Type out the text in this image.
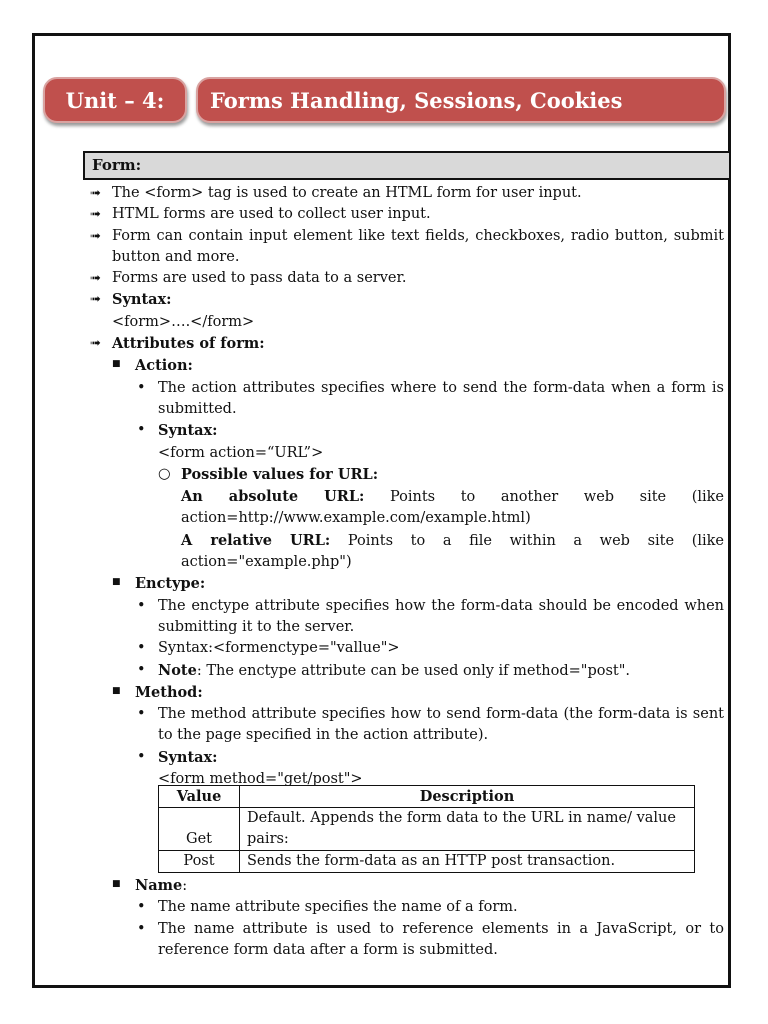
Unit – 4:	Forms Handling, Sessions, Cookies
Form:
➟ The <form> tag is used to create an HTML form for user input.
➟ HTML forms are used to collect user input.
➟ Form can contain input element like text fields, checkboxes, radio button, submit button and more.
➟ Forms are used to pass data to a server.
➟ Syntax:
<form>….</form>
➟ Attributes of form:
■ Action:
• The action attributes specifies where to send the form-data when a form is submitted.
• Syntax:
<form action=“URL”>
○ Possible values for URL:
An absolute URL: Points to another web site (like
action=http://www.example.com/example.html)
A relative URL: Points to a file within a web site (like
action="example.php")
■ Enctype:
• The enctype attribute specifies how the form-data should be encoded when submitting it to the server.
• Syntax:<formenctype="vallue">
• Note: The enctype attribute can be used only if method="post".
■ Method:
• The method attribute specifies how to send form-data (the form-data is sent to the page specified in the action attribute).
• Syntax:
<form method="get/post">
Value	Description
Get	Default. Appends the form data to the URL in name/ value pairs:
Post	Sends the form-data as an HTTP post transaction.
■ Name:
• The name attribute specifies the name of a form.
• The name attribute is used to reference elements in a JavaScript, or to reference form data after a form is submitted.
